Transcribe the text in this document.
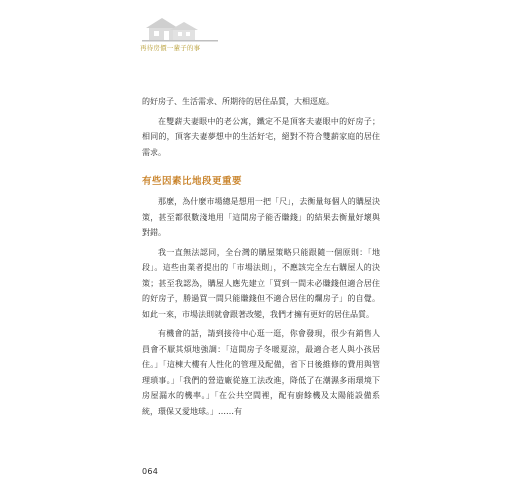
再待房價一輩子的事

的好房子、生活需求、所期待的居住品質，大相逕庭。

在雙薪夫妻眼中的老公寓，鐵定不是頂客夫妻眼中的好房子；相同的，頂客夫妻夢想中的生活好宅，絕對不符合雙薪家庭的居住需求。

有些因素比地段更重要

那麼，為什麼市場總是想用一把「尺」，去衡量每個人的購屋決策，甚至都很數淺地用「這間房子能否賺錢」的結果去衡量好壞與對錯。

我一直無法認同，全台灣的購屋策略只能跟隨一個原則：「地段」。這些由業者提出的「市場法則」，不應該完全左右購屋人的決策；甚至我認為，購屋人應先建立「買到一間未必賺錢但適合居住的好房子，勝過買一間只能賺錢但不適合居住的爛房子」的自覺。如此一來，市場法則就會跟著改變，我們才擁有更好的居住品質。

有機會的話，請到接待中心逛一逛，你會發現，很少有銷售人員會不厭其煩地強調：「這間房子冬暖夏涼，最適合老人與小孩居住。」「這棟大樓有人性化的管理及配備，省下日後維修的費用與管理瑣事。」「我們的營造廠從施工法改進，降低了在潮濕多雨環境下房屋漏水的機率。」「在公共空間裡，配有廚餘機及太陽能設備系統，環保又愛地球。」……有

064
